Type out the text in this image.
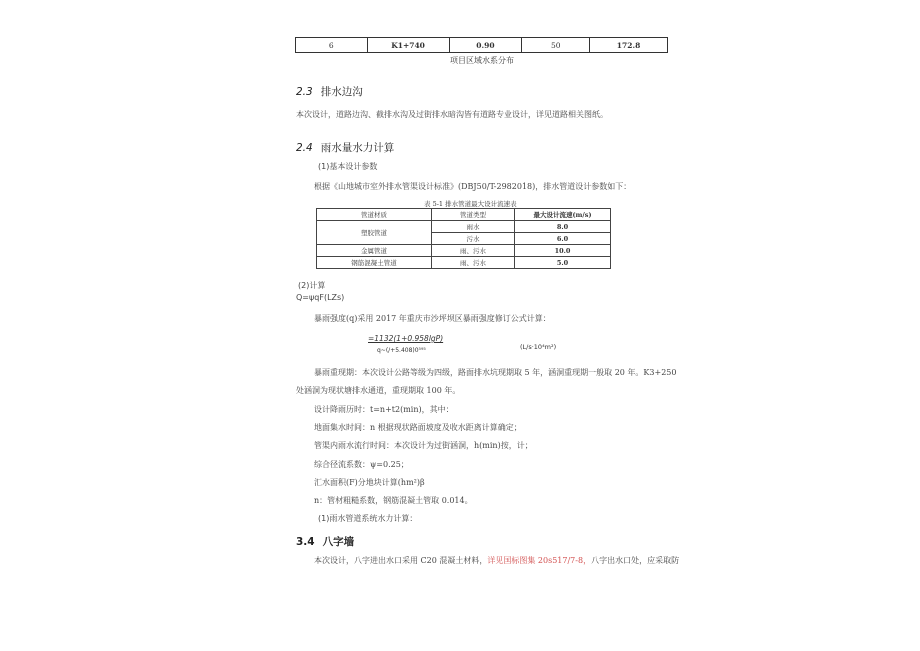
6	K1+740	0.90	50	172.8
项目区域水系分布
2.3 排水边沟
本次设计，道路边沟、截排水沟及过街排水暗沟皆有道路专业设计，详见道路相关图纸。
2.4 雨水量水力计算
(1)基本设计参数
根据《山地城市室外排水管渠设计标准》(DBJ50/T-2982018)，排水管道设计参数如下：
表 5-1 排水管道最大设计流速表
管道材质	管道类型	最大设计流速(m/s)
塑胶管道	雨水	8.0
	污水	6.0
金属管道	雨、污水	10.0
钢筋混凝土管道	雨、污水	5.0
(2)计算
Q=ψqF(LZs)
暴雨强度(q)采用 2017 年重庆市沙坪坝区暴雨强度修订公式计算：
=1132(1+0.958lgP)
q~(/+5.408)0⁵⁹⁵	(L/s·10⁴m²)
暴雨重现期：本次设计公路等级为四级，路面排水坑现期取 5 年，涵洞重现期一般取 20 年。K3+250
处涵洞为现状塘排水通道，重现期取 100 年。
设计降雨历时：t=n+t2(min)，其中：
地面集水时间：n 根据现状路面坡度及收水距离计算确定；
管渠内雨水流行时间：本次设计为过街涵洞，h(min)按，计；
综合径流系数：ψ=0.25；
汇水面积(F)分地块计算(hm²)β
n：管材粗糙系数，钢筋混凝土管取 0.014。
(1)雨水管道系统水力计算：
3.4 八字墙
本次设计，八字进出水口采用 C20 混凝土材料，详见国标图集 20s517/7-8，八字出水口处，应采取防
